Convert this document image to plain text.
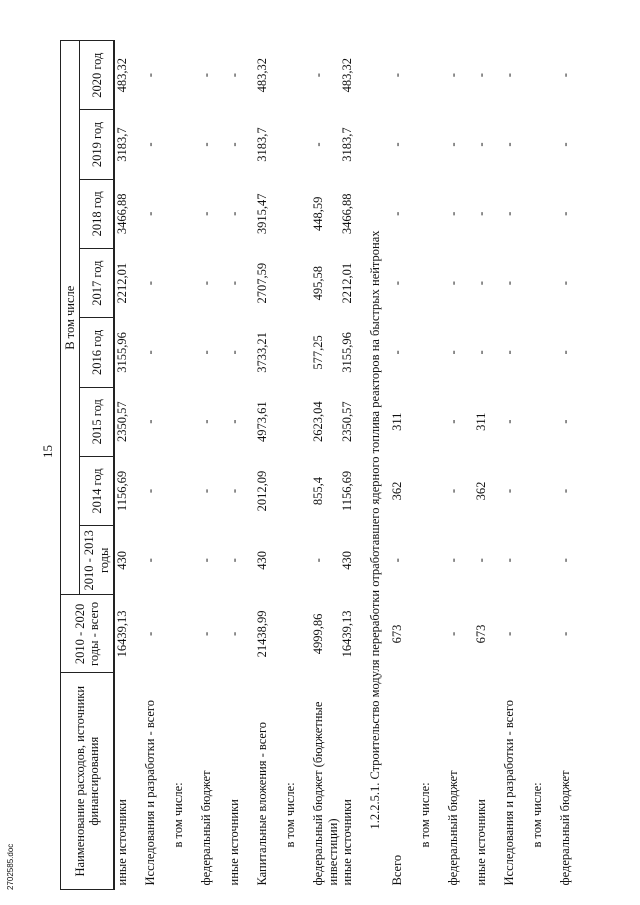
15
Наименование расходов, источники финансирования	2010 - 2020 годы - всего	В том числе							
		2010 - 2013 годы	2014 год	2015 год	2016 год	2017 год	2018 год	2019 год	2020 год
иные источники	16439,13	430	1156,69	2350,57	3155,96	2212,01	3466,88	3183,7	483,32
Исследования и разработки - всего	-	-	-	-	-	-	-	-	-
в том числе:									
федеральный бюджет	-	-	-	-	-	-	-	-	-
иные источники	-	-	-	-	-	-	-	-	-
Капитальные вложения - всего	21438,99	430	2012,09	4973,61	3733,21	2707,59	3915,47	3183,7	483,32
в том числе:									
федеральный бюджет (бюджетные инвестиции)	4999,86	-	855,4	2623,04	577,25	495,58	448,59	-	-
иные источники	16439,13	430	1156,69	2350,57	3155,96	2212,01	3466,88	3183,7	483,32
1.2.2.5.1. Строительство модуля переработки отработавшего ядерного топлива реакторов на быстрых нейтронах									
Всего	673	-	362	311	-	-	-	-	-
в том числе:									
федеральный бюджет	-	-	-	-	-	-	-	-	-
иные источники	673	-	362	311	-	-	-	-	-
Исследования и разработки - всего	-	-	-	-	-	-	-	-	-
в том числе:									
федеральный бюджет	-	-	-	-	-	-	-	-	-
2702585.doc
